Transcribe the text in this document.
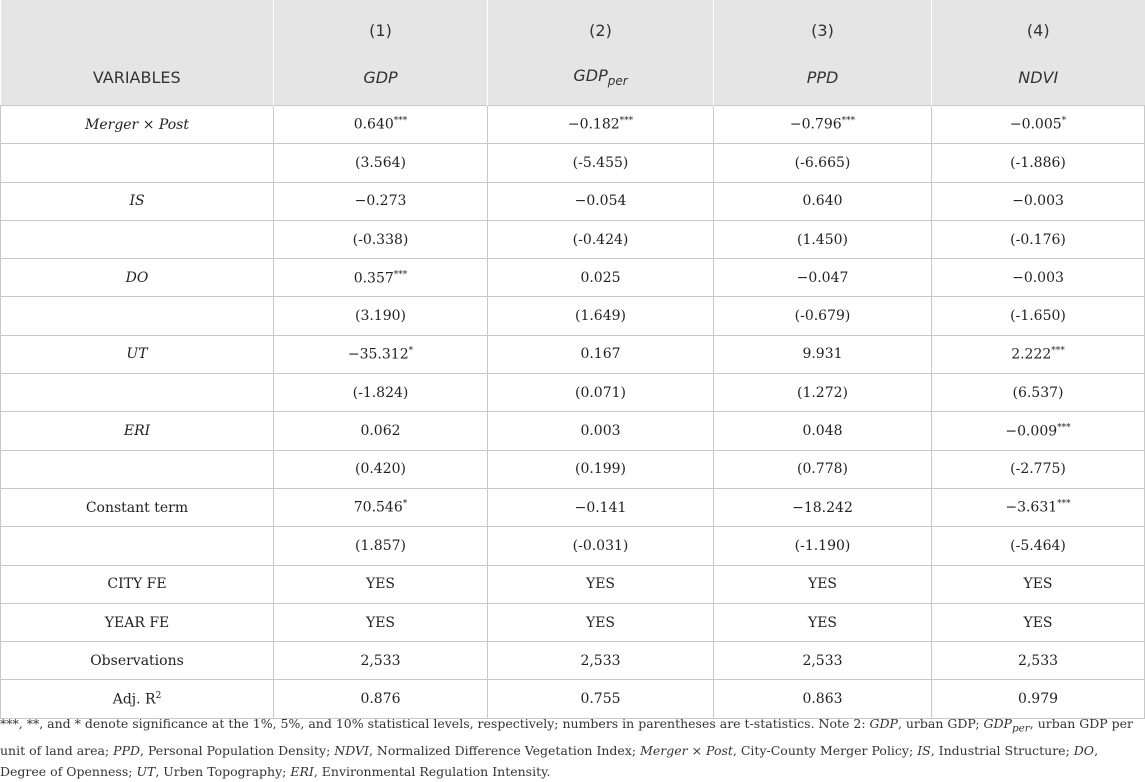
	(1)	(2)	(3)	(4)
VARIABLES	GDP	$GDP_{per}$	PPD	NDVI
Merger × Post	0.640***	−0.182***	−0.796***	−0.005*
	(3.564)	(-5.455)	(-6.665)	(-1.886)
IS	−0.273	−0.054	0.640	−0.003
	(-0.338)	(-0.424)	(1.450)	(-0.176)
DO	0.357***	0.025	−0.047	−0.003
	(3.190)	(1.649)	(-0.679)	(-1.650)
UT	−35.312*	0.167	9.931	2.222***
	(-1.824)	(0.071)	(1.272)	(6.537)
ERI	0.062	0.003	0.048	−0.009***
	(0.420)	(0.199)	(0.778)	(-2.775)
Constant term	70.546*	−0.141	−18.242	−3.631***
	(1.857)	(-0.031)	(-1.190)	(-5.464)
CITY FE	YES	YES	YES	YES
YEAR FE	YES	YES	YES	YES
Observations	2,533	2,533	2,533	2,533
Adj. $R^2$	0.876	0.755	0.863	0.979
***, **, and * denote significance at the 1%, 5%, and 10% statistical levels, respectively; numbers in parentheses are t-statistics. Note 2: GDP, urban GDP; $GDP_{per}$, urban GDP per unit of land area; PPD, Personal Population Density; NDVI, Normalized Difference Vegetation Index; Merger × Post, City-County Merger Policy; IS, Industrial Structure; DO, Degree of Openness; UT, Urben Topography; ERI, Environmental Regulation Intensity.
